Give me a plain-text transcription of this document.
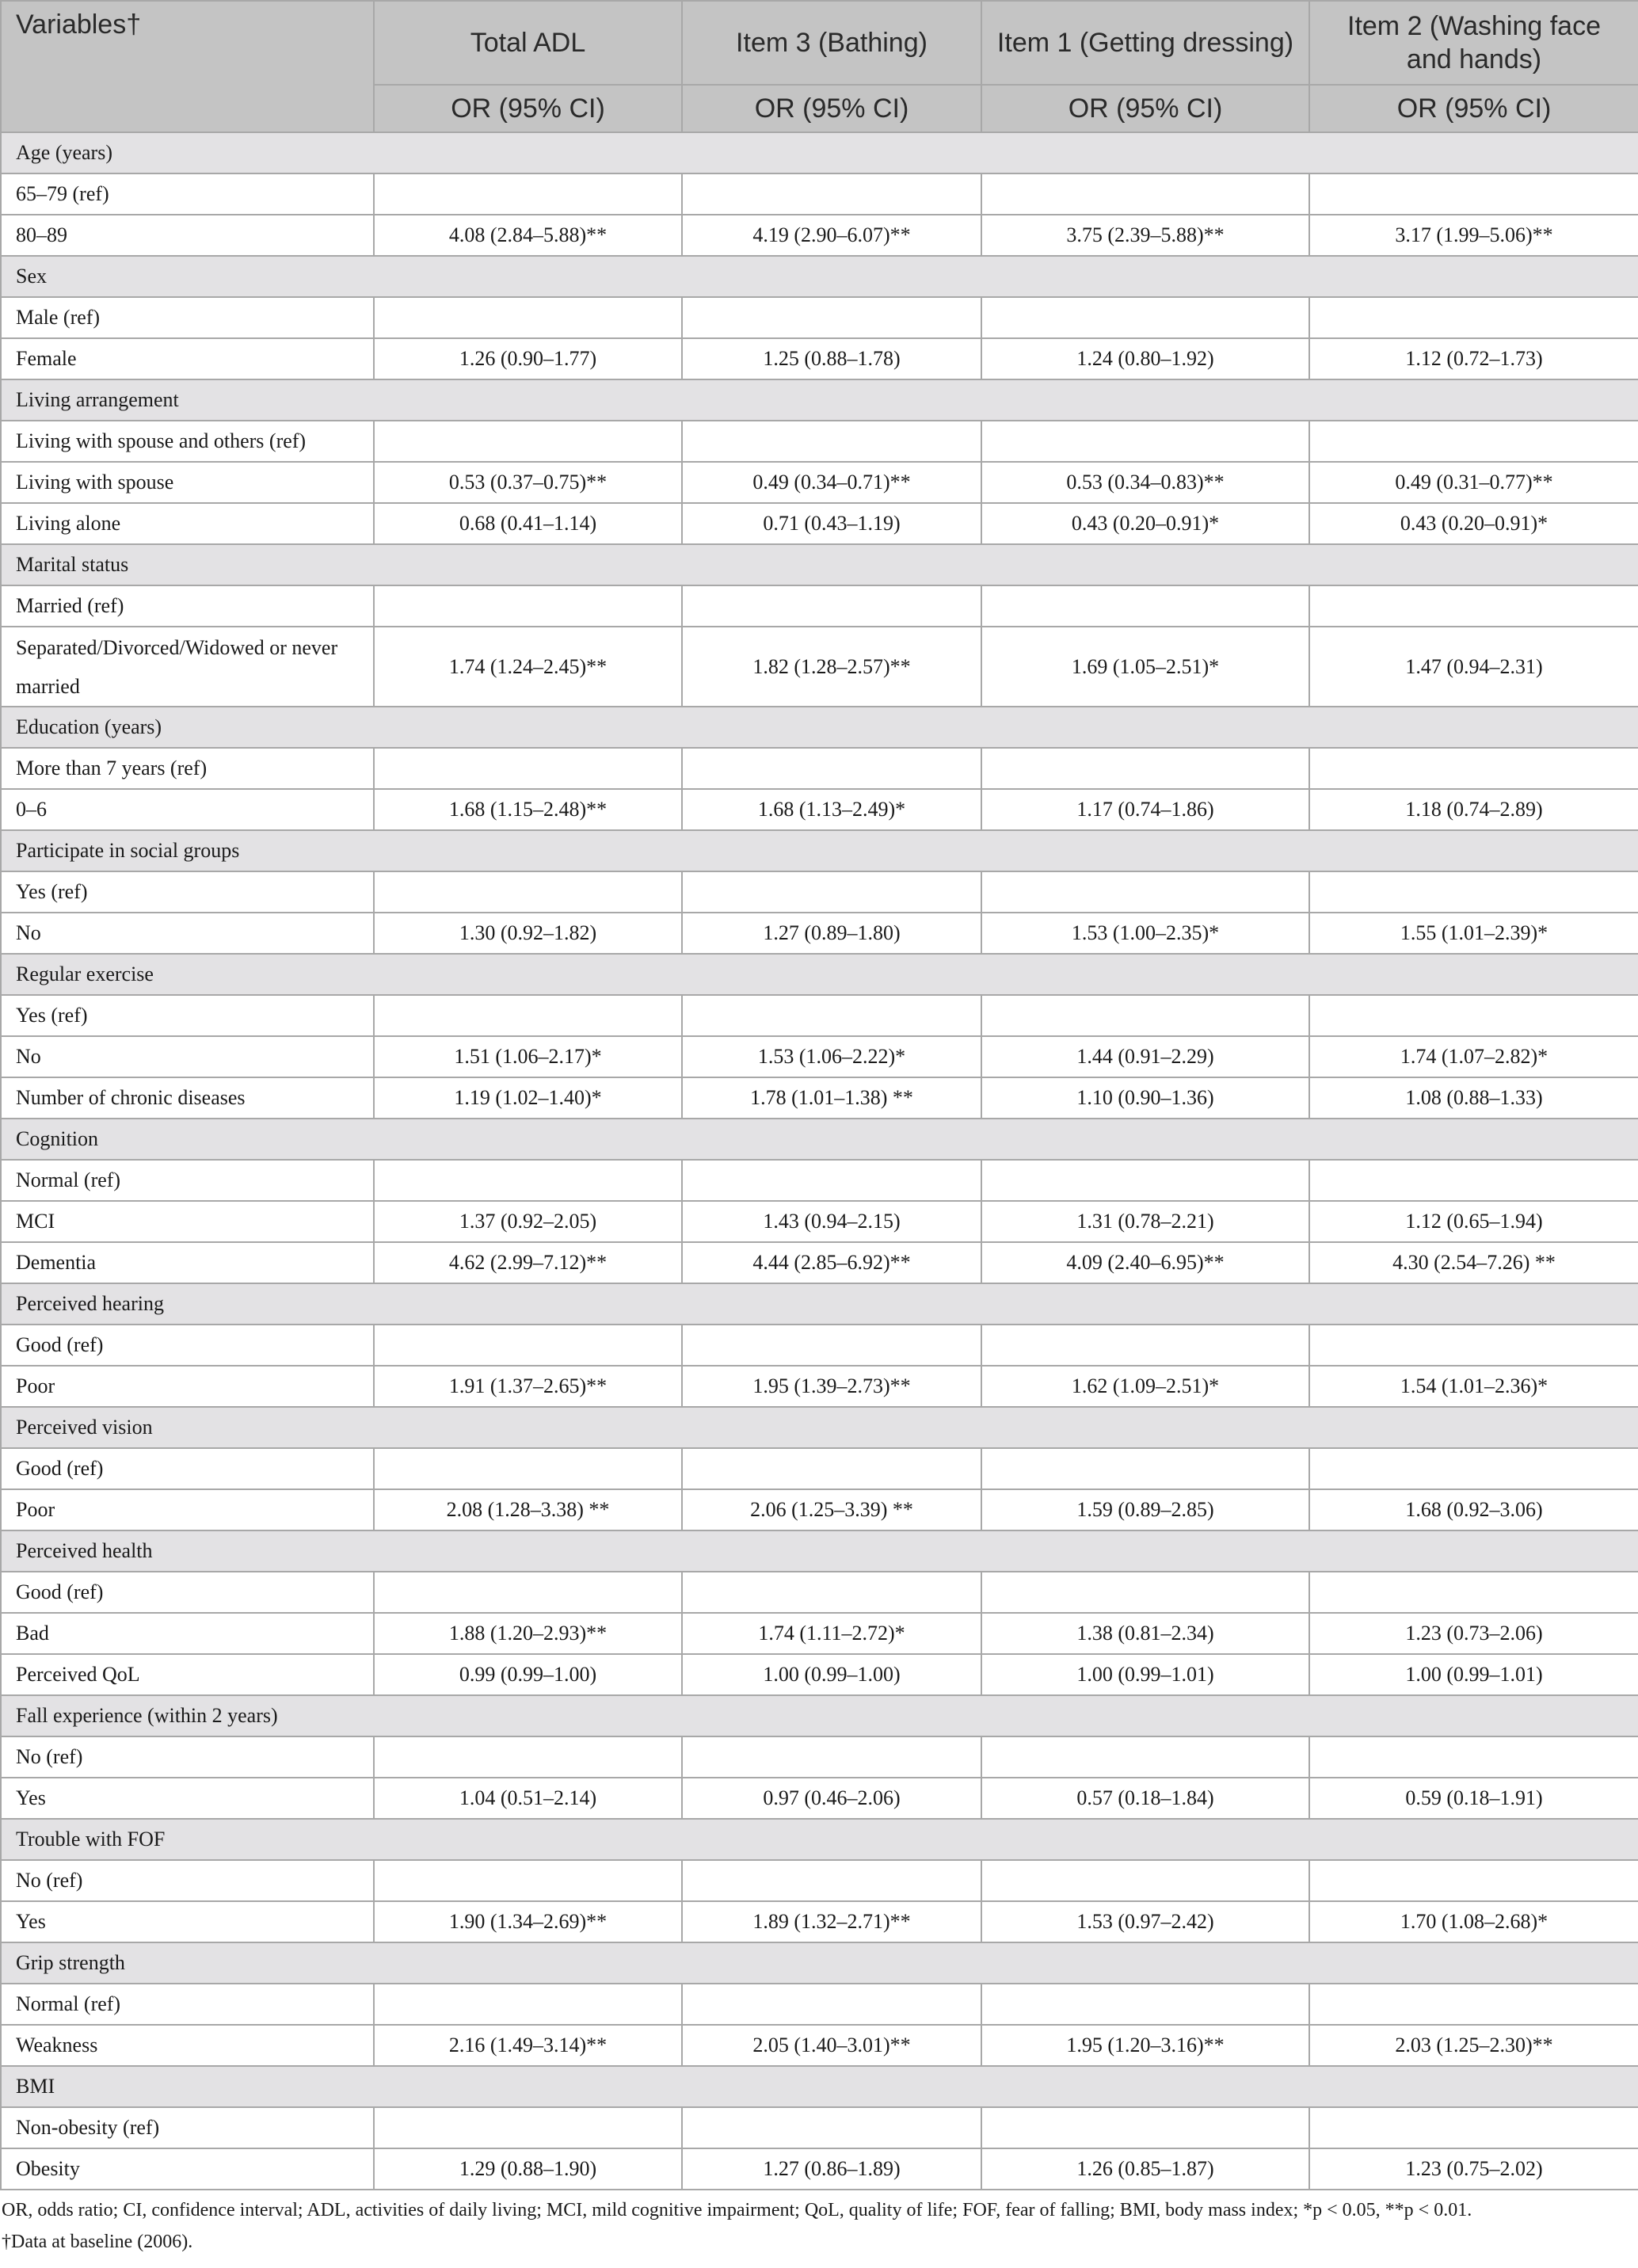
Variables†	Total ADL	Item 3 (Bathing)	Item 1 (Getting dressing)	Item 2 (Washing face and hands)
	OR (95% CI)	OR (95% CI)	OR (95% CI)	OR (95% CI)
Age (years)				
65–79 (ref)				
80–89	4.08 (2.84–5.88)**	4.19 (2.90–6.07)**	3.75 (2.39–5.88)**	3.17 (1.99–5.06)**
Sex				
Male (ref)				
Female	1.26 (0.90–1.77)	1.25 (0.88–1.78)	1.24 (0.80–1.92)	1.12 (0.72–1.73)
Living arrangement				
Living with spouse and others (ref)				
Living with spouse	0.53 (0.37–0.75)**	0.49 (0.34–0.71)**	0.53 (0.34–0.83)**	0.49 (0.31–0.77)**
Living alone	0.68 (0.41–1.14)	0.71 (0.43–1.19)	0.43 (0.20–0.91)*	0.43 (0.20–0.91)*
Marital status				
Married (ref)				
Separated/Divorced/Widowed or never married	1.74 (1.24–2.45)**	1.82 (1.28–2.57)**	1.69 (1.05–2.51)*	1.47 (0.94–2.31)
Education (years)				
More than 7 years (ref)				
0–6	1.68 (1.15–2.48)**	1.68 (1.13–2.49)*	1.17 (0.74–1.86)	1.18 (0.74–2.89)
Participate in social groups				
Yes (ref)				
No	1.30 (0.92–1.82)	1.27 (0.89–1.80)	1.53 (1.00–2.35)*	1.55 (1.01–2.39)*
Regular exercise				
Yes (ref)				
No	1.51 (1.06–2.17)*	1.53 (1.06–2.22)*	1.44 (0.91–2.29)	1.74 (1.07–2.82)*
Number of chronic diseases	1.19 (1.02–1.40)*	1.78 (1.01–1.38) **	1.10 (0.90–1.36)	1.08 (0.88–1.33)
Cognition				
Normal (ref)				
MCI	1.37 (0.92–2.05)	1.43 (0.94–2.15)	1.31 (0.78–2.21)	1.12 (0.65–1.94)
Dementia	4.62 (2.99–7.12)**	4.44 (2.85–6.92)**	4.09 (2.40–6.95)**	4.30 (2.54–7.26) **
Perceived hearing				
Good (ref)				
Poor	1.91 (1.37–2.65)**	1.95 (1.39–2.73)**	1.62 (1.09–2.51)*	1.54 (1.01–2.36)*
Perceived vision				
Good (ref)				
Poor	2.08 (1.28–3.38) **	2.06 (1.25–3.39) **	1.59 (0.89–2.85)	1.68 (0.92–3.06)
Perceived health				
Good (ref)				
Bad	1.88 (1.20–2.93)**	1.74 (1.11–2.72)*	1.38 (0.81–2.34)	1.23 (0.73–2.06)
Perceived QoL	0.99 (0.99–1.00)	1.00 (0.99–1.00)	1.00 (0.99–1.01)	1.00 (0.99–1.01)
Fall experience (within 2 years)				
No (ref)				
Yes	1.04 (0.51–2.14)	0.97 (0.46–2.06)	0.57 (0.18–1.84)	0.59 (0.18–1.91)
Trouble with FOF				
No (ref)				
Yes	1.90 (1.34–2.69)**	1.89 (1.32–2.71)**	1.53 (0.97–2.42)	1.70 (1.08–2.68)*
Grip strength				
Normal (ref)				
Weakness	2.16 (1.49–3.14)**	2.05 (1.40–3.01)**	1.95 (1.20–3.16)**	2.03 (1.25–2.30)**
BMI				
Non-obesity (ref)				
Obesity	1.29 (0.88–1.90)	1.27 (0.86–1.89)	1.26 (0.85–1.87)	1.23 (0.75–2.02)
OR, odds ratio; CI, confidence interval; ADL, activities of daily living; MCI, mild cognitive impairment; QoL, quality of life; FOF, fear of falling; BMI, body mass index; *p < 0.05, **p < 0.01.
†Data at baseline (2006).
